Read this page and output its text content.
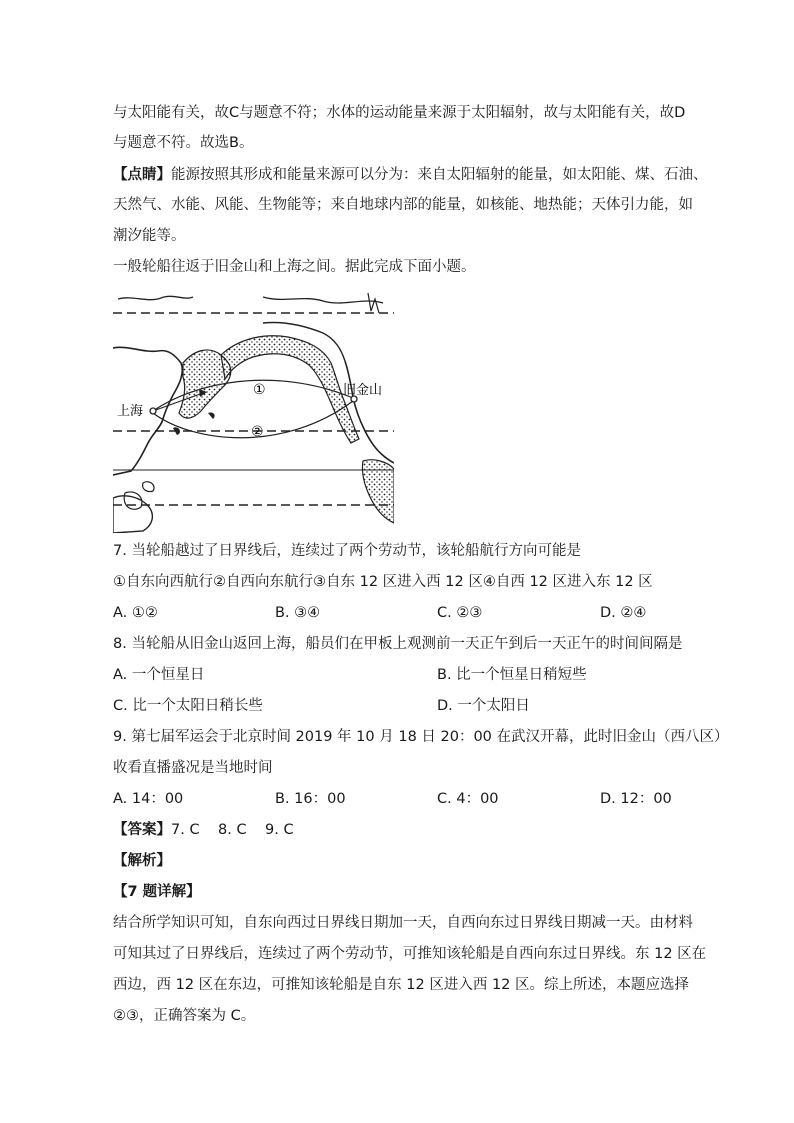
与太阳能有关，故C与题意不符；水体的运动能量来源于太阳辐射，故与太阳能有关，故D
与题意不符。故选B。
【点睛】能源按照其形成和能量来源可以分为：来自太阳辐射的能量，如太阳能、煤、石油、
天然气、水能、风能、生物能等；来自地球内部的能量，如核能、地热能；天体引力能，如
潮汐能等。
一般轮船往返于旧金山和上海之间。据此完成下面小题。
上海
旧金山
①
②
7. 当轮船越过了日界线后，连续过了两个劳动节，该轮船航行方向可能是
①自东向西航行②自西向东航行③自东 12 区进入西 12 区④自西 12 区进入东 12 区
A. ①②	B. ③④	C. ②③	D. ②④
8. 当轮船从旧金山返回上海，船员们在甲板上观测前一天正午到后一天正午的时间间隔是
A. 一个恒星日	B. 比一个恒星日稍短些
C. 比一个太阳日稍长些	D. 一个太阳日
9. 第七届军运会于北京时间 2019 年 10 月 18 日 20：00 在武汉开幕，此时旧金山（西八区）
收看直播盛况是当地时间
A. 14：00	B. 16：00	C. 4：00	D. 12：00
【答案】7. C    8. C    9. C
【解析】
【7 题详解】
结合所学知识可知，自东向西过日界线日期加一天，自西向东过日界线日期减一天。由材料
可知其过了日界线后，连续过了两个劳动节，可推知该轮船是自西向东过日界线。东 12 区在
西边，西 12 区在东边，可推知该轮船是自东 12 区进入西 12 区。综上所述，本题应选择
②③，正确答案为 C。
